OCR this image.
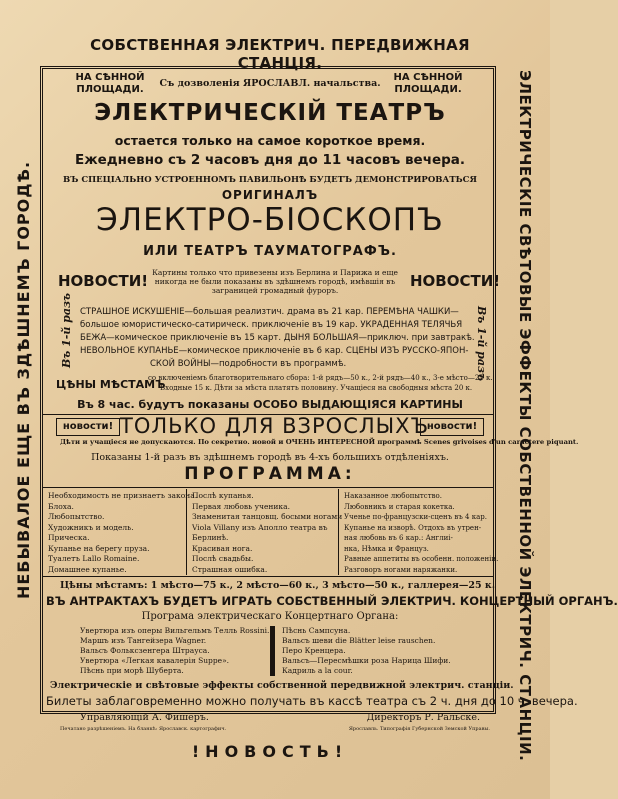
СОБСТВЕННАЯ ЭЛЕКТРИЧ. ПЕРЕДВИЖНАЯ СТАНЦІЯ.
НЕБЫВАЛОЕ ЕЩЕ ВЪ ЗДѢШНЕМЪ ГОРОДѢ.	ЭЛЕКТРИЧЕСКІЕ СВѢТОВЫЕ ЭФФЕКТЫ СОБСТВЕННОЙ ЭЛЕКТРИЧ. СТАНЦІИ.
НА СѢННОЙ ПЛОЩАДИ.
НА СѢННОЙ ПЛОЩАДИ.
Съ дозволенія ЯРОСЛАВЛ. начальства.
ЭЛЕКТРИЧЕСКІЙ ТЕАТРЪ
остается только на самое короткое время.
Ежедневно съ 2 часовъ дня до 11 часовъ вечера.
ВЪ СПЕЦІАЛЬНО УСТРОЕННОМЪ ПАВИЛЬОНѢ БУДЕТЪ ДЕМОНСТРИРОВАТЬСЯ
ОРИГИНАЛЪ
ЭЛЕКТРО-БІОСКОПЪ
ИЛИ ТЕАТРЪ ТАУМАТОГРАФЪ.
НОВОСТИ!	НОВОСТИ!
Картины только что привезены изъ Берлина и Парижа и еще никогда не были показаны въ здѣшнемъ городѣ, имѣвшія въ заграницей громадный фуроръ.
Въ 1-й разъ	Въ 1-й разъ
СТРАШНОЕ ИСКУШЕНІЕ—большая реализтич. драма въ 21 кар. ПЕРЕМѢНА ЧАШКИ—
большое юмористическо-сатирическ. приключеніе въ 19 кар. УКРАДЕННАЯ ТЕЛЯЧЬЯ
БЕЖА—комическое приключеніе въ 15 карт. ДЫНЯ БОЛЬШАЯ—приключ. при завтракѣ.
НЕВОЛЬНОЕ КУПАНЬЕ—комическое приключеніе въ 6 кар. СЦЕНЫ ИЗЪ РУССКО-ЯПОН-
СКОЙ ВОЙНЫ—подробности въ программѣ.
ЦѢНЫ МѢСТАМЪ
со включеніемъ благотворительнаго сбора: 1-й рядъ—50 к., 2-й рядъ—40 к., 3-е мѣсто—25 к.
Входные 15 к. Дѣти за мѣста платятъ половину. Учащіеся на свободныя мѣста 20 к.
Въ 8 час. будутъ показаны ОСОБО ВЫДАЮЩІЯСЯ КАРТИНЫ
новости! ТОЛЬКО ДЛЯ ВЗРОСЛЫХЪ
новости!
Дѣти и учащіеся не допускаются. По секретно. новой и ОЧЕНЬ ИНТЕРЕСНОЙ программѣ Scenes grivoises d'un caractere piquant.
Показаны 1-й разъ въ здѣшнемъ городѣ въ 4-хъ большихъ отдѣленіяхъ.
ПРОГРАММА:
Необходимость не признаетъ закона.
Блоха.
Любопытство.
Художникъ и модель.
Прическа.
Купанье на берегу пруза.
Туалетъ Lallo Romaine.
Домашнее купанье.
Послѣ купанья.
Первая любовь ученика.
Знаменитая танцовщ. босыми ногами
Viola Villany изъ Аполло театра въ
Берлинѣ.
Красивая нога.
Послѣ свадьбы.
Страшная ошибка.
Наказанное любопытство.
Любовникъ и старая кокетка.
Ученье по-французски-сценъ въ 4 кар.
Купанье на изворѣ. Отдохъ въ утрен-
ная любовь въ 6 кар.: Англиі-
нка, Нѣмка и Француз.
Равные аппетиты въ особенн. положеніи.
Разговоръ ногами наряжанки.
Цѣны мѣстамъ: 1 мѣсто—75 к., 2 мѣсто—60 к., 3 мѣсто—50 к., галлерея—25 к.
ВЪ АНТРАКТАХЪ БУДЕТЪ ИГРАТЬ СОБСТВЕННЫЙ ЭЛЕКТРИЧ. КОНЦЕРТНЫЙ ОРГАНЪ.
Програма электрическаго Концертнаго Органа:
Увертюра изъ оперы Вильгельмъ Телль Rossini.
Маршъ изъ Тангейзера Wagner.
Вальсъ Фольксзенгера Штрауса.
Увертюра «Легкая кавалерія Suppe».
Пѣснь при морѣ Шуберта.
Пѣснь Сампсуна.
Вальсъ шеви die Blätter leise rauschen.
Перо Кренцера.
Вальсъ—Пересмѣшки роза Нарица Шифи.
Кадриль а la cour.
Электрическіе и свѣтовые эффекты собственной передвижной электрич. станціи.
Билеты заблаговременно можно получать въ кассѣ театра съ 2 ч. дня до 10 ч. вечера.
Управляющій А. Фишеръ.	Директоръ Р. Ральске.
Печатано разрѣшеніемъ. На бланкѣ: Ярославск. картографич.	Ярославль. Типографія Губернской Земской Управы.
!НОВОСТЬ!
